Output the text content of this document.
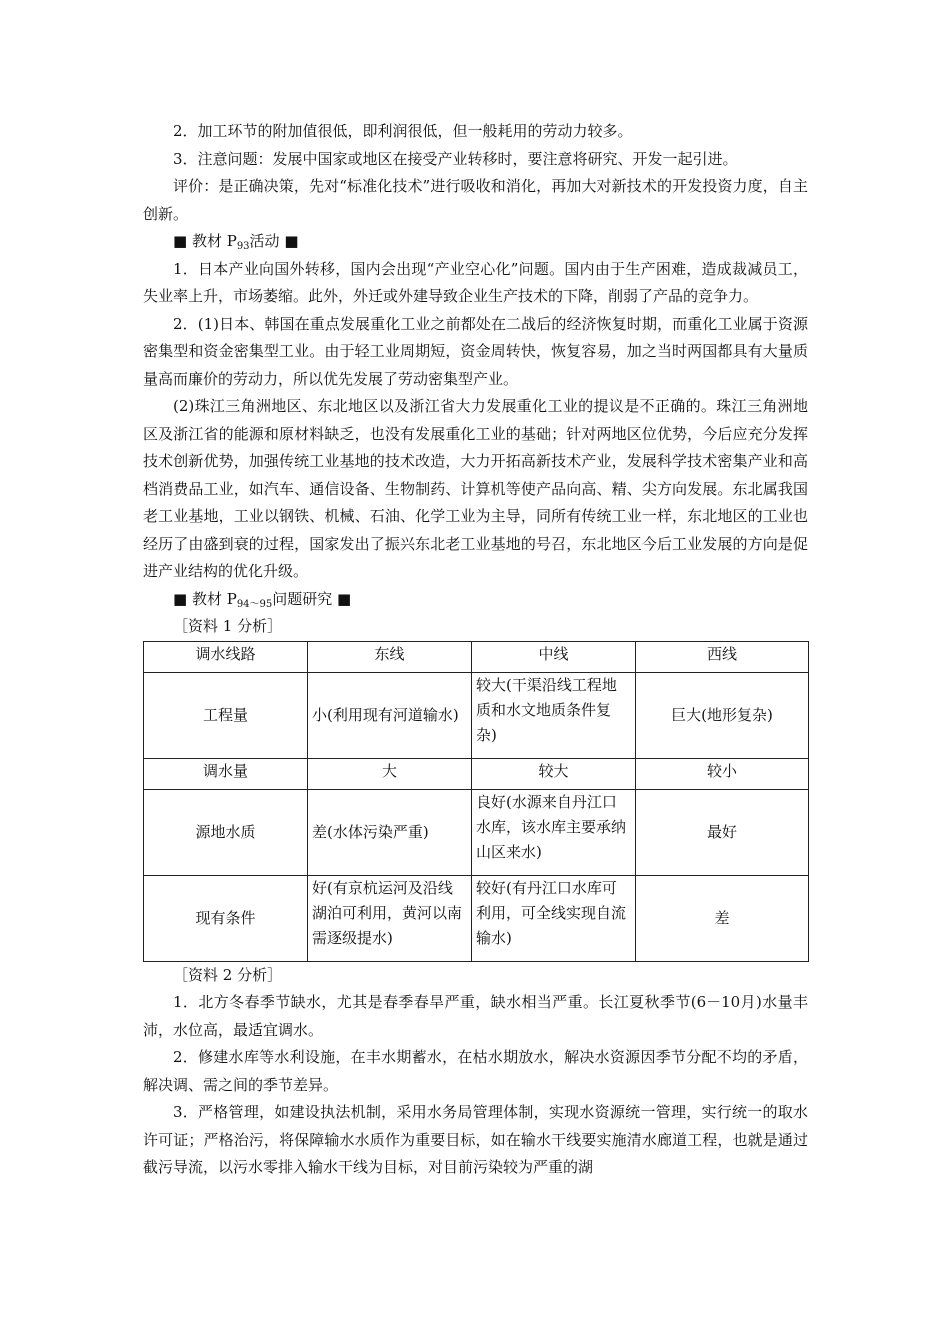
2．加工环节的附加值很低，即利润很低，但一般耗用的劳动力较多。

3．注意问题：发展中国家或地区在接受产业转移时，要注意将研究、开发一起引进。

评价：是正确决策，先对“标准化技术”进行吸收和消化，再加大对新技术的开发投资力度，自主创新。

■ 教材 $P_{93}$活动 ■

1．日本产业向国外转移，国内会出现“产业空心化”问题。国内由于生产困难，造成裁减员工，失业率上升，市场萎缩。此外，外迁或外建导致企业生产技术的下降，削弱了产品的竞争力。

2．(1)日本、韩国在重点发展重化工业之前都处在二战后的经济恢复时期，而重化工业属于资源密集型和资金密集型工业。由于轻工业周期短，资金周转快，恢复容易，加之当时两国都具有大量质量高而廉价的劳动力，所以优先发展了劳动密集型产业。

(2)珠江三角洲地区、东北地区以及浙江省大力发展重化工业的提议是不正确的。珠江三角洲地区及浙江省的能源和原材料缺乏，也没有发展重化工业的基础；针对两地区位优势，今后应充分发挥技术创新优势，加强传统工业基地的技术改造，大力开拓高新技术产业，发展科学技术密集产业和高档消费品工业，如汽车、通信设备、生物制药、计算机等使产品向高、精、尖方向发展。东北属我国老工业基地，工业以钢铁、机械、石油、化学工业为主导，同所有传统工业一样，东北地区的工业也经历了由盛到衰的过程，国家发出了振兴东北老工业基地的号召，东北地区今后工业发展的方向是促进产业结构的优化升级。

■ 教材 $P_{94\sim 95}$问题研究 ■

［资料 1 分析］

调水线路	东线	中线	西线
工程量	小(利用现有河道输水)	较大(干渠沿线工程地质和水文地质条件复杂)	巨大(地形复杂)
调水量	大	较大	较小
源地水质	差(水体污染严重)	良好(水源来自丹江口水库，该水库主要承纳山区来水)	最好
现有条件	好(有京杭运河及沿线湖泊可利用，黄河以南需逐级提水)	较好(有丹江口水库可利用，可全线实现自流输水)	差

［资料 2 分析］

1．北方冬春季节缺水，尤其是春季春旱严重，缺水相当严重。长江夏秋季节(6－10月)水量丰沛，水位高，最适宜调水。

2．修建水库等水利设施，在丰水期蓄水，在枯水期放水，解决水资源因季节分配不均的矛盾，解决调、需之间的季节差异。

3．严格管理，如建设执法机制，采用水务局管理体制，实现水资源统一管理，实行统一的取水许可证；严格治污，将保障输水水质作为重要目标，如在输水干线要实施清水廊道工程，也就是通过截污导流，以污水零排入输水干线为目标，对目前污染较为严重的湖
